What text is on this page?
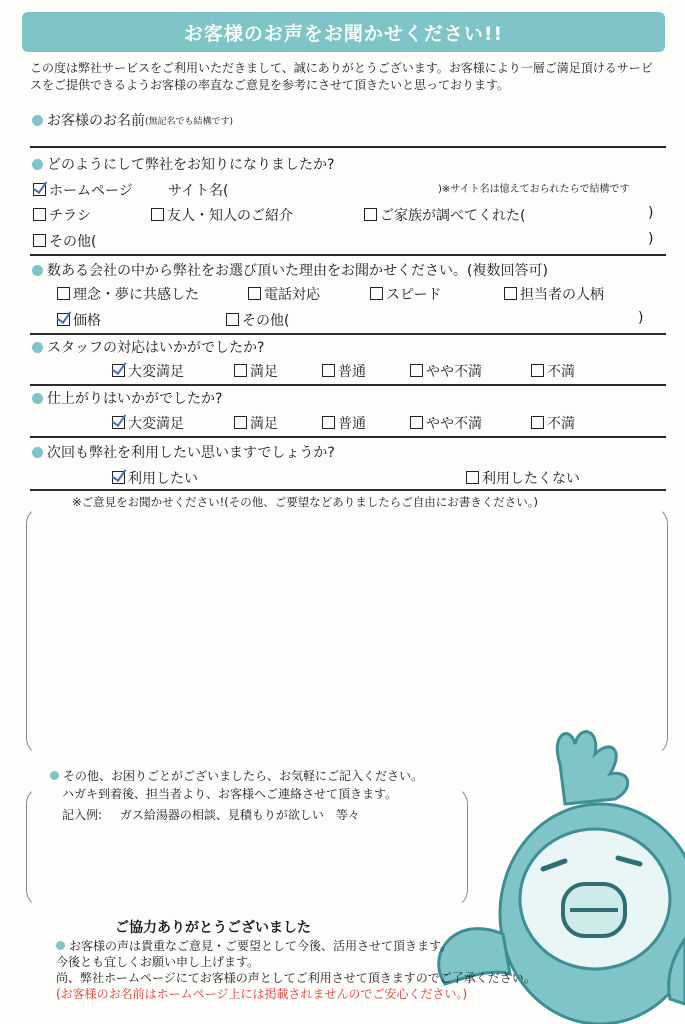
お客様のお声をお聞かせください!!
この度は弊社サービスをご利用いただきまして、誠にありがとうございます。お客様により一層ご満足頂けるサービスをご提供できるようお客様の率直なご意見を参考にさせて頂きたいと思っております。
お客様のお名前 (無記名でも結構です)
どのようにして弊社をお知りになりましたか?
ホームページ	サイト名(	)※サイト名は憶えておられたらで結構です
チラシ	友人・知人のご紹介	ご家族が調べてくれた(	)
その他(	)
数ある会社の中から弊社をお選び頂いた理由をお聞かせください。(複数回答可)
理念・夢に共感した	電話対応	スピード	担当者の人柄
価格	その他(	)
スタッフの対応はいかがでしたか?
大変満足	満足	普通	やや不満	不満
仕上がりはいかがでしたか?
大変満足	満足	普通	やや不満	不満
次回も弊社を利用したい思いますでしょうか?
利用したい	利用したくない
※ご意見をお聞かせください!(その他、ご要望などありましたらご自由にお書きください。)
その他、お困りごとがございましたら、お気軽にご記入ください。
ハガキ到着後、担当者より、お客様へご連絡させて頂きます。
記入例: ガス給湯器の相談、見積もりが欲しい　等々
ご協力ありがとうございました
お客様の声は貴重なご意見・ご要望として今後、活用させて頂きます。
今後とも宜しくお願い申し上げます。
尚、弊社ホームページにてお客様の声としてご利用させて頂きますのでご了承ください。
(お客様のお名前はホームページ上には掲載されませんのでご安心ください。)
